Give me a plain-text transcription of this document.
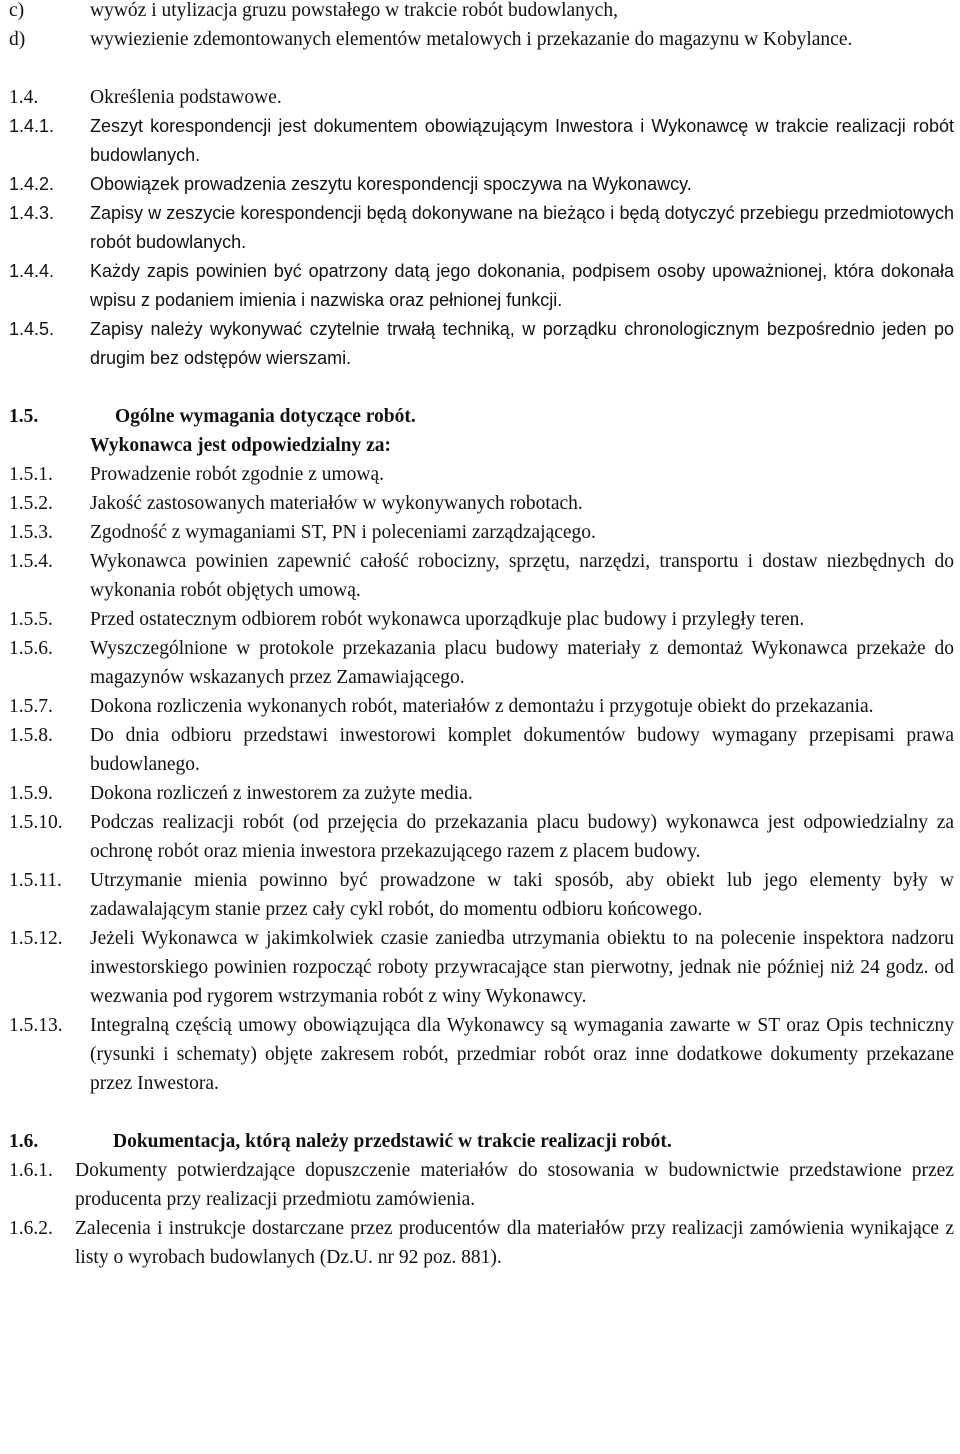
c)	wywóz i utylizacja gruzu powstałego w trakcie robót budowlanych,
d)	wywiezienie zdemontowanych elementów metalowych i przekazanie do magazynu w Kobylance.
1.4.	Określenia podstawowe.
1.4.1.	Zeszyt korespondencji jest dokumentem obowiązującym Inwestora i Wykonawcę w trakcie realizacji robót budowlanych.
1.4.2.	Obowiązek prowadzenia zeszytu korespondencji spoczywa na Wykonawcy.
1.4.3.	Zapisy w zeszycie korespondencji będą dokonywane na bieżąco i będą dotyczyć przebiegu przedmiotowych robót budowlanych.
1.4.4.	Każdy zapis powinien być opatrzony datą jego dokonania, podpisem osoby upoważnionej, która dokonała wpisu z podaniem imienia i nazwiska oraz pełnionej funkcji.
1.4.5.	Zapisy należy wykonywać czytelnie trwałą techniką, w porządku chronologicznym bezpośrednio jeden po drugim bez odstępów wierszami.
1.5.	Ogólne wymagania dotyczące robót.
Wykonawca jest odpowiedzialny za:
1.5.1.	Prowadzenie robót zgodnie z umową.
1.5.2.	Jakość zastosowanych materiałów w wykonywanych robotach.
1.5.3.	Zgodność z wymaganiami ST, PN i poleceniami zarządzającego.
1.5.4.	Wykonawca powinien zapewnić całość robocizny, sprzętu, narzędzi, transportu i dostaw niezbędnych do wykonania robót objętych umową.
1.5.5.	Przed ostatecznym odbiorem robót wykonawca uporządkuje plac budowy i przyległy teren.
1.5.6.	Wyszczególnione w protokole przekazania placu budowy materiały z demontaż Wykonawca przekaże do magazynów wskazanych przez Zamawiającego.
1.5.7.	Dokona rozliczenia wykonanych robót, materiałów z demontażu i przygotuje obiekt do przekazania.
1.5.8.	Do dnia odbioru przedstawi inwestorowi komplet dokumentów budowy wymagany przepisami prawa budowlanego.
1.5.9.	Dokona rozliczeń z inwestorem za zużyte media.
1.5.10.	Podczas realizacji robót (od przejęcia do przekazania placu budowy) wykonawca jest odpowiedzialny za ochronę robót oraz mienia inwestora przekazującego razem z placem budowy.
1.5.11.	Utrzymanie mienia powinno być prowadzone w taki sposób, aby obiekt lub jego elementy były w zadawalającym stanie przez cały cykl robót, do momentu odbioru końcowego.
1.5.12.	Jeżeli Wykonawca w jakimkolwiek czasie zaniedba utrzymania obiektu to na polecenie inspektora nadzoru inwestorskiego powinien rozpocząć roboty przywracające stan pierwotny, jednak nie później niż 24 godz. od wezwania pod rygorem wstrzymania robót z winy Wykonawcy.
1.5.13.	Integralną częścią umowy obowiązująca dla Wykonawcy są wymagania zawarte w ST oraz Opis techniczny (rysunki i schematy) objęte zakresem robót, przedmiar robót oraz inne dodatkowe dokumenty przekazane przez Inwestora.
1.6.	Dokumentacja, którą należy przedstawić w trakcie realizacji robót.
1.6.1.	Dokumenty potwierdzające dopuszczenie materiałów do stosowania w budownictwie przedstawione przez producenta przy realizacji przedmiotu zamówienia.
1.6.2.	Zalecenia i instrukcje dostarczane przez producentów dla materiałów przy realizacji zamówienia wynikające z listy o wyrobach budowlanych (Dz.U. nr 92 poz. 881).
